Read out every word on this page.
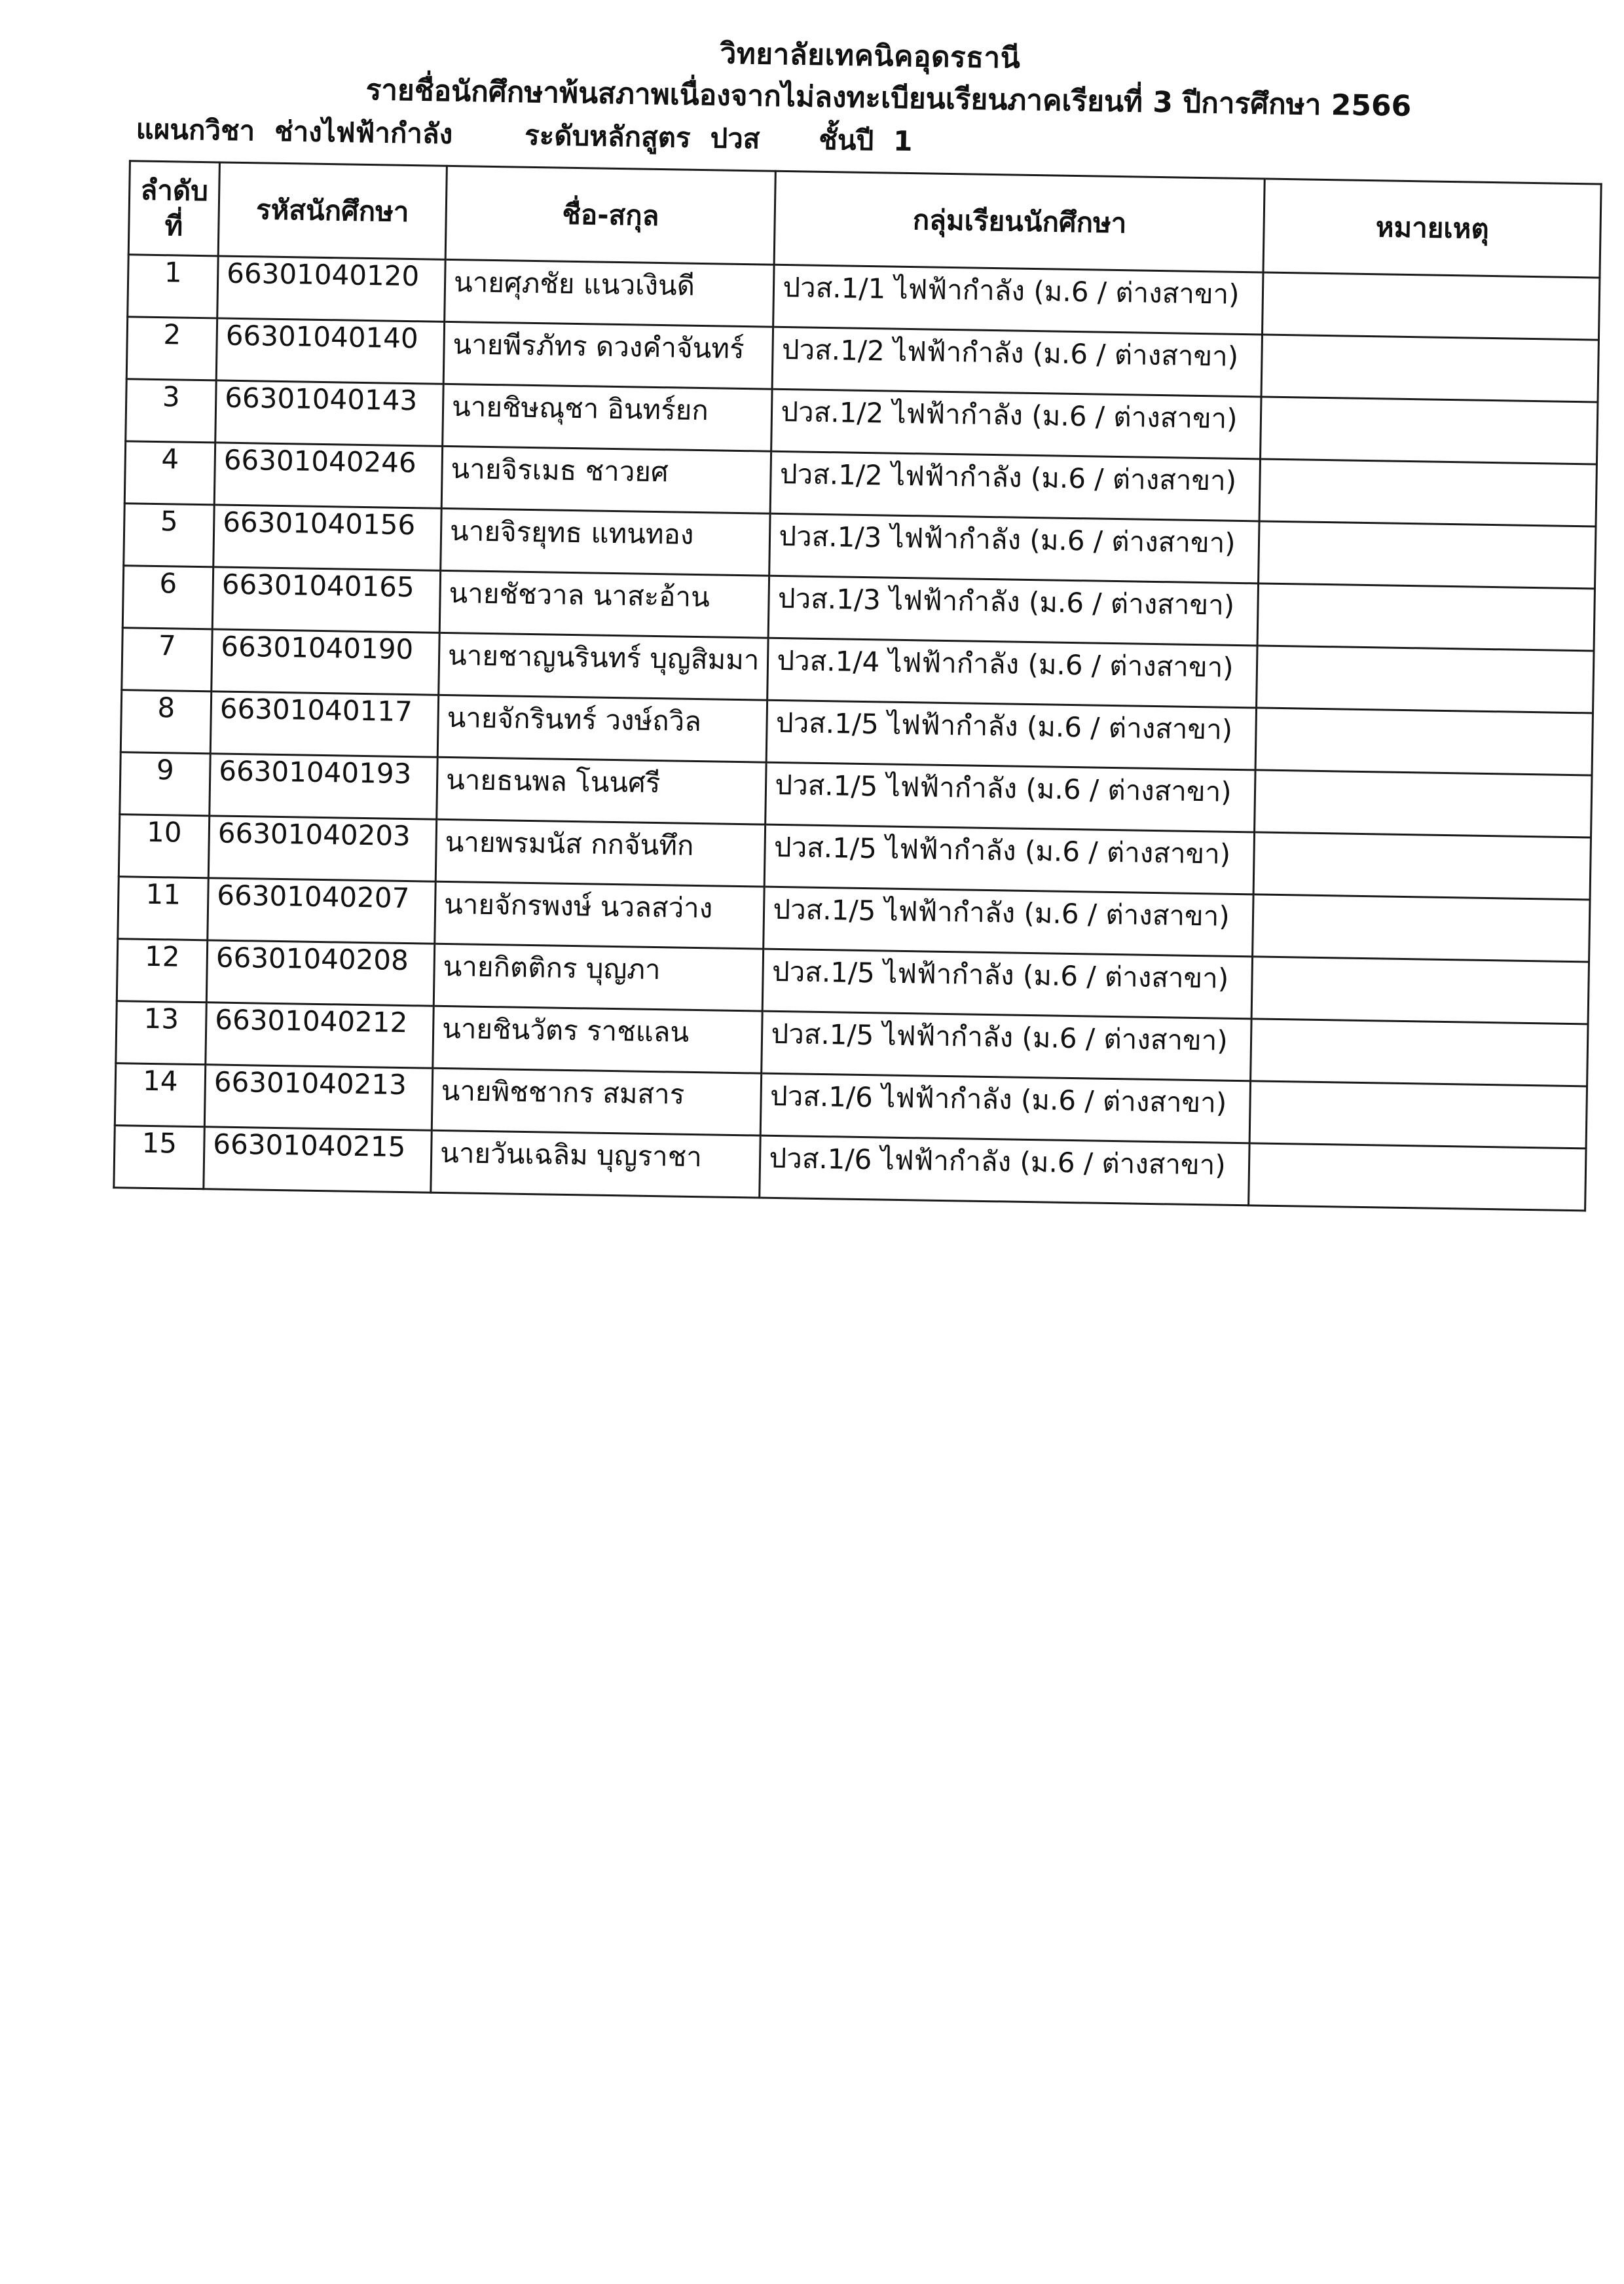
วิทยาลัยเทคนิคอุดรธานี
รายชื่อนักศึกษาพ้นสภาพเนื่องจากไม่ลงทะเบียนเรียนภาคเรียนที่ 3 ปีการศึกษา 2566
แผนกวิชา ช่างไฟฟ้ากำลัง	ระดับหลักสูตร ปวส ชั้นปี 1
ลำดับ
ที่	รหัสนักศึกษา	ชื่อ-สกุล	กลุ่มเรียนนักศึกษา	หมายเหตุ
1	66301040120	นายศุภชัย แนวเงินดี	ปวส.1/1 ไฟฟ้ากำลัง (ม.6 / ต่างสาขา)	
2	66301040140	นายพีรภัทร ดวงคำจันทร์	ปวส.1/2 ไฟฟ้ากำลัง (ม.6 / ต่างสาขา)	
3	66301040143	นายชิษณุชา อินทร์ยก	ปวส.1/2 ไฟฟ้ากำลัง (ม.6 / ต่างสาขา)	
4	66301040246	นายจิรเมธ ชาวยศ	ปวส.1/2 ไฟฟ้ากำลัง (ม.6 / ต่างสาขา)	
5	66301040156	นายจิรยุทธ แทนทอง	ปวส.1/3 ไฟฟ้ากำลัง (ม.6 / ต่างสาขา)	
6	66301040165	นายชัชวาล นาสะอ้าน	ปวส.1/3 ไฟฟ้ากำลัง (ม.6 / ต่างสาขา)	
7	66301040190	นายชาญนรินทร์ บุญสิมมา	ปวส.1/4 ไฟฟ้ากำลัง (ม.6 / ต่างสาขา)	
8	66301040117	นายจักรินทร์ วงษ์ถวิล	ปวส.1/5 ไฟฟ้ากำลัง (ม.6 / ต่างสาขา)	
9	66301040193	นายธนพล โนนศรี	ปวส.1/5 ไฟฟ้ากำลัง (ม.6 / ต่างสาขา)	
10	66301040203	นายพรมนัส กกจันทึก	ปวส.1/5 ไฟฟ้ากำลัง (ม.6 / ต่างสาขา)	
11	66301040207	นายจักรพงษ์ นวลสว่าง	ปวส.1/5 ไฟฟ้ากำลัง (ม.6 / ต่างสาขา)	
12	66301040208	นายกิตติกร บุญภา	ปวส.1/5 ไฟฟ้ากำลัง (ม.6 / ต่างสาขา)	
13	66301040212	นายชินวัตร ราชแลน	ปวส.1/5 ไฟฟ้ากำลัง (ม.6 / ต่างสาขา)	
14	66301040213	นายพิชชากร สมสาร	ปวส.1/6 ไฟฟ้ากำลัง (ม.6 / ต่างสาขา)	
15	66301040215	นายวันเฉลิม บุญราชา	ปวส.1/6 ไฟฟ้ากำลัง (ม.6 / ต่างสาขา)	
